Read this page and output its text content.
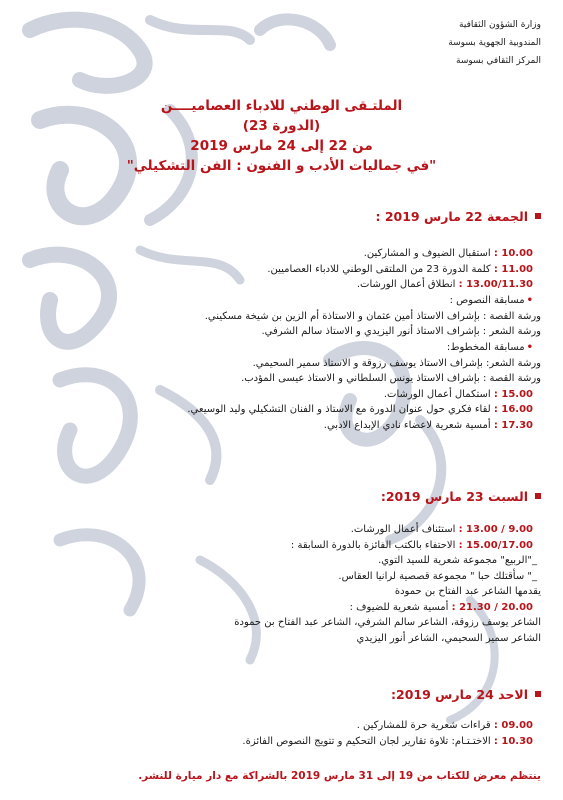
وزارة الشؤون الثقافية
المندوبية الجهوية بسوسة
المركز الثقافي بسوسة
الملتـقى الوطني للادباء العصاميــــن
(الدورة 23)
من 22 إلى 24 مارس 2019
"في جماليات الأدب و الفنون : الفن التشكيلي"
الجمعة 22 مارس 2019 :
10.00 : استقبال الضيوف و المشاركين.
11.00 : كلمة الدورة 23 من الملتقى الوطني للادباء العصاميين.
13.00/11.30 : انطلاق أعمال الورشات.
•مسابقة النصوص :
ورشة القصة : بإشراف الاستاذ أمين عثمان و الاستاذة أم الزين بن شيخة مسكيني.
ورشة الشعر : بإشراف الاستاذ أنور اليزيدي و الاستاذ سالم الشرفي.
•مسابقة المخطوط:
ورشة الشعر: بإشراف الاستاذ يوسف رزوقة و الاستاذ سمير السحيمي.
ورشة القصة : بإشراف الاستاذ يونس السلطاني و الاستاذ عيسى المؤدب.
15.00 : استكمال أعمال الورشات.
16.00 : لقاء فكري حول عنوان الدورة مع الاستاذ و الفنان التشكيلي وليد الوسيعي.
17.30 : أمسية شعرية لاعضاء نادي الإبداع الادبي.
السبت 23 مارس 2019:
9.00 / 13.00 : استئناف أعمال الورشات.
15.00/17.00 : الاحتفاء بالكتب الفائزة بالدورة السابقة :
_"الربيع" مجموعة شعرية للسيد التوي.
_" سأقتلك حبا " مجموعة قصصية لرانيا العقاس.
يقدمها الشاعر عبد الفتاح بن حمودة
20.00 / 21.30 : أمسية شعرية للضيوف :
الشاعر يوسف رزوقة، الشاعر سالم الشرفي، الشاعر عبد الفتاح بن حمودة
الشاعر سمير السحيمي، الشاعر أنور اليزيدي
الاحد 24 مارس 2019:
09.00 : قراءات شعرية حرة للمشاركين .
10.30 : الاختـتـام: تلاوة تقارير لجان التحكيم و تتويج النصوص الفائزة.
ينتظم معرض للكتاب من 19 إلى 31 مارس 2019 بالشراكة مع دار ميارة للنشر.
